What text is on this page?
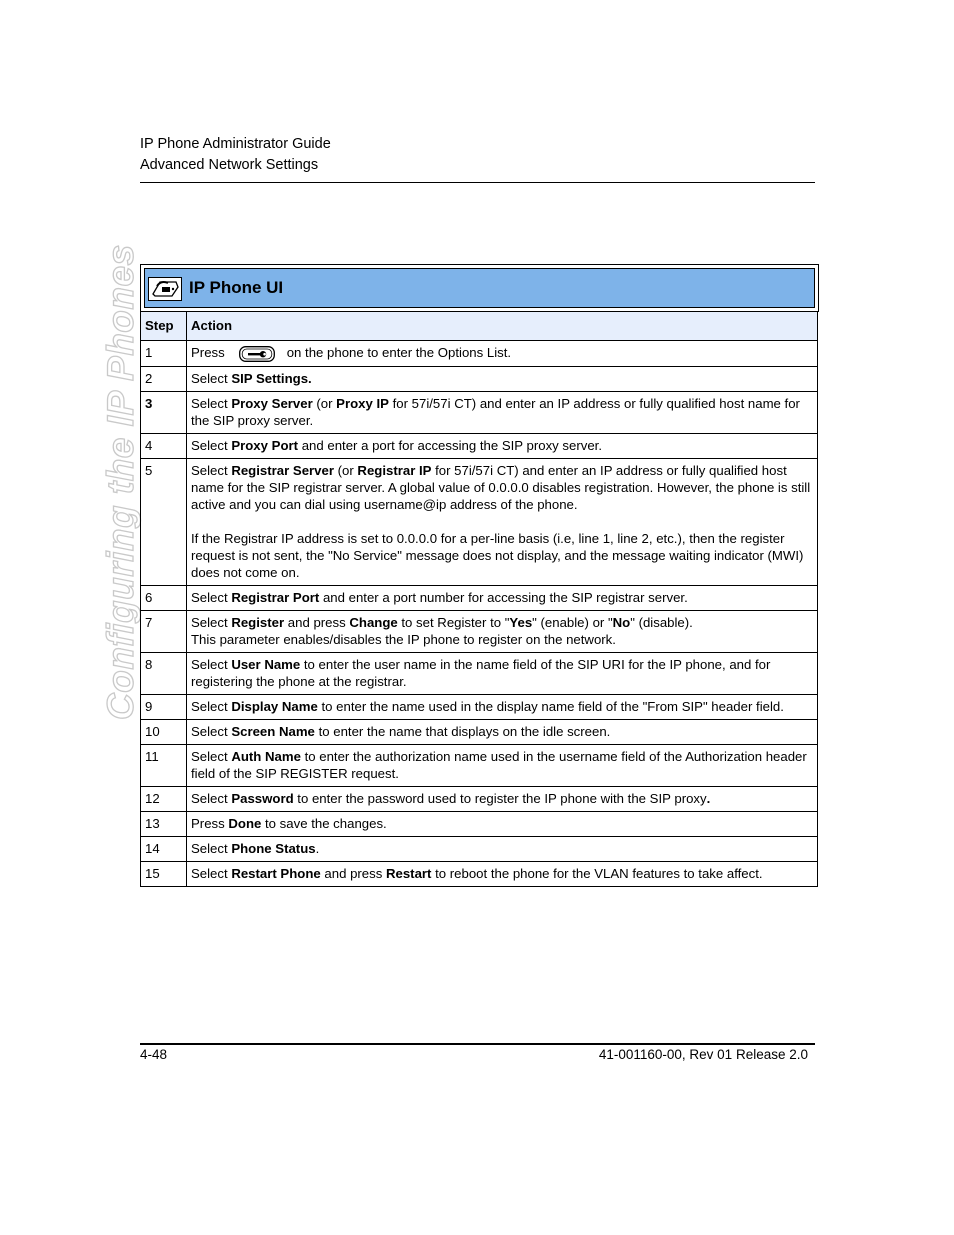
IP Phone Administrator Guide
Advanced Network Settings
Configuring the IP Phones	IP Phone UI
Step	Action
1	Press on the phone to enter the Options List.
2	Select SIP Settings.
3	Select Proxy Server (or Proxy IP for 57i/57i CT) and enter an IP address or fully qualified host name for the SIP proxy server.
4	Select Proxy Port and enter a port for accessing the SIP proxy server.
5	Select Registrar Server (or Registrar IP for 57i/57i CT) and enter an IP address or fully qualified host name for the SIP registrar server. A global value of 0.0.0.0 disables registration. However, the phone is still active and you can dial using username@ip address of the phone.
If the Registrar IP address is set to 0.0.0.0 for a per-line basis (i.e, line 1, line 2, etc.), then the register request is not sent, the "No Service" message does not display, and the message waiting indicator (MWI) does not come on.

6	Select Registrar Port and enter a port number for accessing the SIP registrar server.
7	Select Register and press Change to set Register to "Yes" (enable) or "No" (disable).
This parameter enables/disables the IP phone to register on the network.
8	Select User Name to enter the user name in the name field of the SIP URI for the IP phone, and for registering the phone at the registrar.
9	Select Display Name to enter the name used in the display name field of the "From SIP" header field.
10	Select Screen Name to enter the name that displays on the idle screen.
11	Select Auth Name to enter the authorization name used in the username field of the Authorization header field of the SIP REGISTER request.
12	Select Password to enter the password used to register the IP phone with the SIP proxy.
13	Press Done to save the changes.
14	Select Phone Status.
15	Select Restart Phone and press Restart to reboot the phone for the VLAN features to take affect.
4-48	41-001160-00, Rev 01 Release 2.0
